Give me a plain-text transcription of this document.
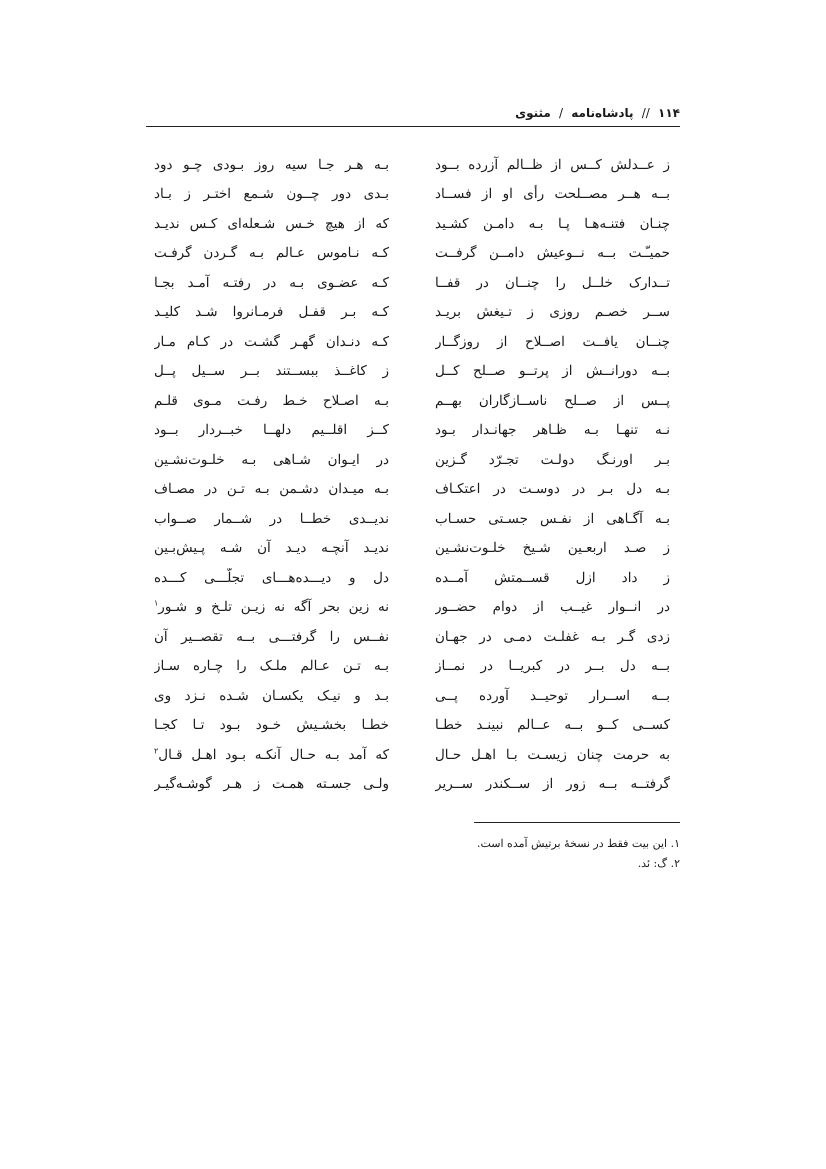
۱۱۴ // پادشاه‌نامه / مثنوی
ز عــدلش کــس از ظــالم آزرده بــود
بـه هـر جـا سیه روز بـودی چـو دود
بــه هــر مصــلحت رأی او از فســاد
بـدی دور چــون شـمع اختـر ز بـاد
چنـان فتنـه‌هـا پـا بـه دامـن کشـید
که از هیچ خـس شـعله‌ای کـس ندیـد
حمیـّـت بــه نــوعیش دامــن گرفــت
کـه نـاموس عـالم بـه گـردن گرفـت
تــدارک خلــل را چنــان در قفــا
کـه عضـوی بـه در رفتـه آمـد بجـا
ســر خصـم روزی ز تـیغش بریـد
کـه بـر قفـل فرمـانروا شـد کلیـد
چنــان یافــت اصــلاح از روزگــار
کـه دنـدان گهـر گشـت در کـام مـار
بــه دورانــش از پرتــو صــلح کــل
ز کاغــذ ببســتند بــر ســیل پــل
پــس از صــلح ناســازگاران بهــم
بـه اصـلاح خـط رفـت مـوی قلـم
نـه تنهـا بـه ظـاهر جهانـدار بـود
کــز اقلــیم دلهــا خبــردار بــود
بـر اورنـگ دولـت تجـرّد گـزین
در ایـوان شـاهی بـه خلـوت‌نشـین
بـه دل بـر در دوسـت در اعتکـاف
بـه میـدان دشـمن بـه تـن در مصـاف
بـه آگـاهی از نفـس جسـتی حسـاب
ندیــدی خطــا در شــمار صــواب
ز صـد اربعـین شـیخ خلـوت‌نشـین
ندیـد آنچـه دیـد آن شـه پـیش‌بـین
ز داد ازل قســمتش آمــده
دل و دیـــده‌هـــای تجلّـــی کـــده
در انــوار غیــب از دوام حضــور
نه زین بحر آگه نه زیـن تلـخ و شـور$^۱$
زدی گـر بـه غفلـت دمـی در جهـان
نفــس را گرفتـــی بــه تقصــیر آن
بــه دل بــر در کبریــا در نمــاز
بـه تـن عـالم ملـک را چـاره سـاز
بــه اســرار توحیــد آورده پــی
بـد و نیـک یکسـان شـده نـزد وی
کســی کــو بــه عــالم نبینـد خطـا
خطـا بخشـیش خـود بـود تـا کجـا
به حرمت چنان زیسـت بـا اهـل حـال
که آمد بـه حـال آنکـه بـود اهـل قـال$^۲$
گرفتــه بــه زور از ســکندر ســریر
ولـی جسـته همـت ز هـر گوشـه‌گیـر
۱. این بیت فقط در نسخهٔ برتیش آمده است.
۲. گ: ئد.
